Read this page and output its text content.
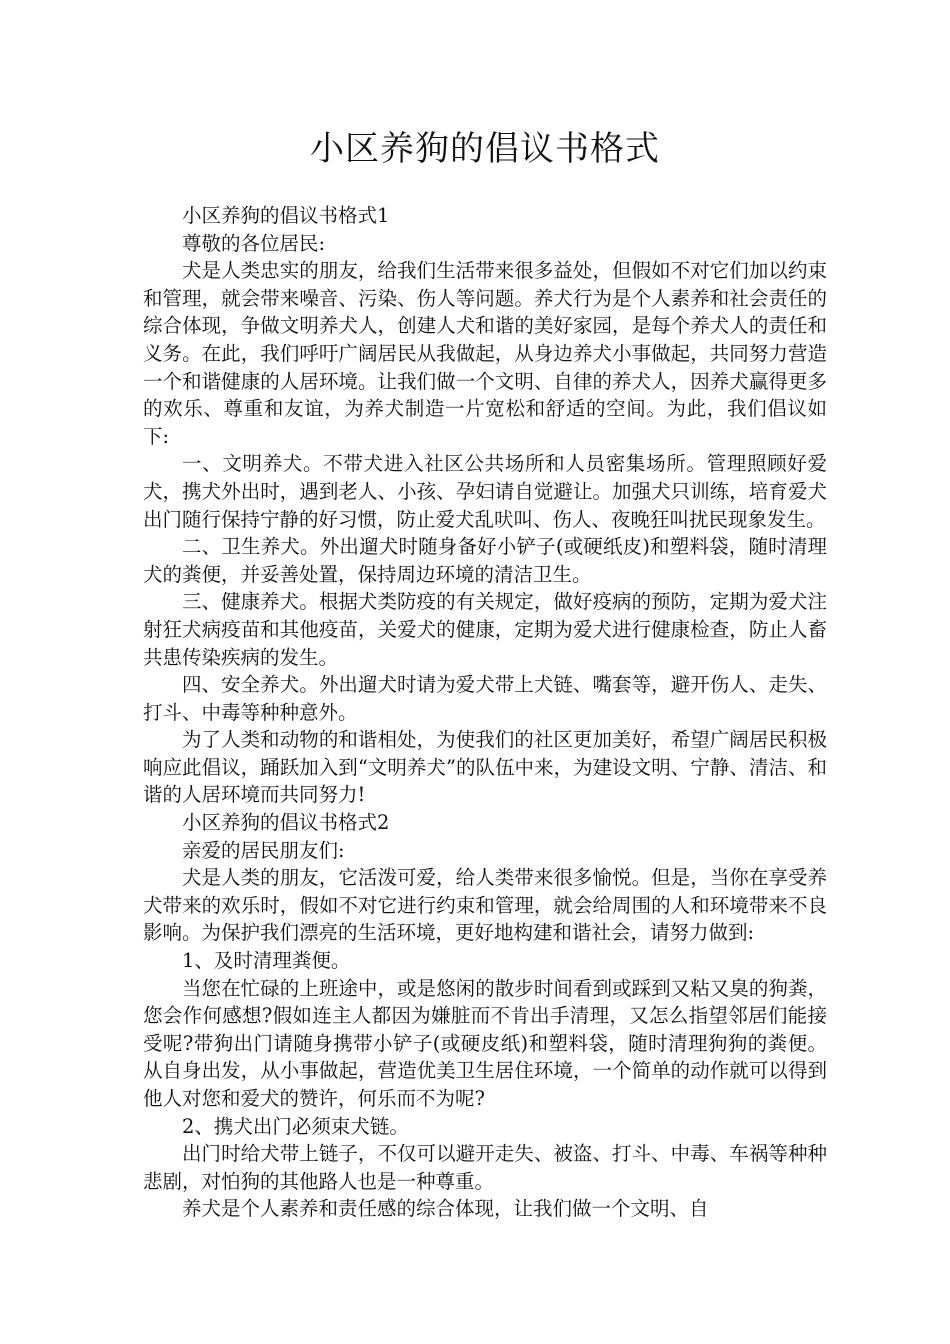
小区养狗的倡议书格式

小区养狗的倡议书格式1

尊敬的各位居民:

犬是人类忠实的朋友，给我们生活带来很多益处，但假如不对它们加以约束和管理，就会带来噪音、污染、伤人等问题。养犬行为是个人素养和社会责任的综合体现，争做文明养犬人，创建人犬和谐的美好家园，是每个养犬人的责任和义务。在此，我们呼吁广阔居民从我做起，从身边养犬小事做起，共同努力营造一个和谐健康的人居环境。让我们做一个文明、自律的养犬人，因养犬赢得更多的欢乐、尊重和友谊，为养犬制造一片宽松和舒适的空间。为此，我们倡议如下:

一、文明养犬。不带犬进入社区公共场所和人员密集场所。管理照顾好爱犬，携犬外出时，遇到老人、小孩、孕妇请自觉避让。加强犬只训练，培育爱犬出门随行保持宁静的好习惯，防止爱犬乱吠叫、伤人、夜晚狂叫扰民现象发生。

二、卫生养犬。外出遛犬时随身备好小铲子(或硬纸皮)和塑料袋，随时清理犬的粪便，并妥善处置，保持周边环境的清洁卫生。

三、健康养犬。根据犬类防疫的有关规定，做好疫病的预防，定期为爱犬注射狂犬病疫苗和其他疫苗，关爱犬的健康，定期为爱犬进行健康检查，防止人畜共患传染疾病的发生。

四、安全养犬。外出遛犬时请为爱犬带上犬链、嘴套等，避开伤人、走失、打斗、中毒等种种意外。

为了人类和动物的和谐相处，为使我们的社区更加美好，希望广阔居民积极响应此倡议，踊跃加入到“文明养犬”的队伍中来，为建设文明、宁静、清洁、和谐的人居环境而共同努力!

小区养狗的倡议书格式2

亲爱的居民朋友们:

犬是人类的朋友，它活泼可爱，给人类带来很多愉悦。但是，当你在享受养犬带来的欢乐时，假如不对它进行约束和管理，就会给周围的人和环境带来不良影响。为保护我们漂亮的生活环境，更好地构建和谐社会，请努力做到:

1、及时清理粪便。

当您在忙碌的上班途中，或是悠闲的散步时间看到或踩到又粘又臭的狗粪，您会作何感想?假如连主人都因为嫌脏而不肯出手清理，又怎么指望邻居们能接受呢?带狗出门请随身携带小铲子(或硬皮纸)和塑料袋，随时清理狗狗的粪便。从自身出发，从小事做起，营造优美卫生居住环境，一个简单的动作就可以得到他人对您和爱犬的赞许，何乐而不为呢?

2、携犬出门必须束犬链。

出门时给犬带上链子，不仅可以避开走失、被盗、打斗、中毒、车祸等种种悲剧，对怕狗的其他路人也是一种尊重。

养犬是个人素养和责任感的综合体现，让我们做一个文明、自
